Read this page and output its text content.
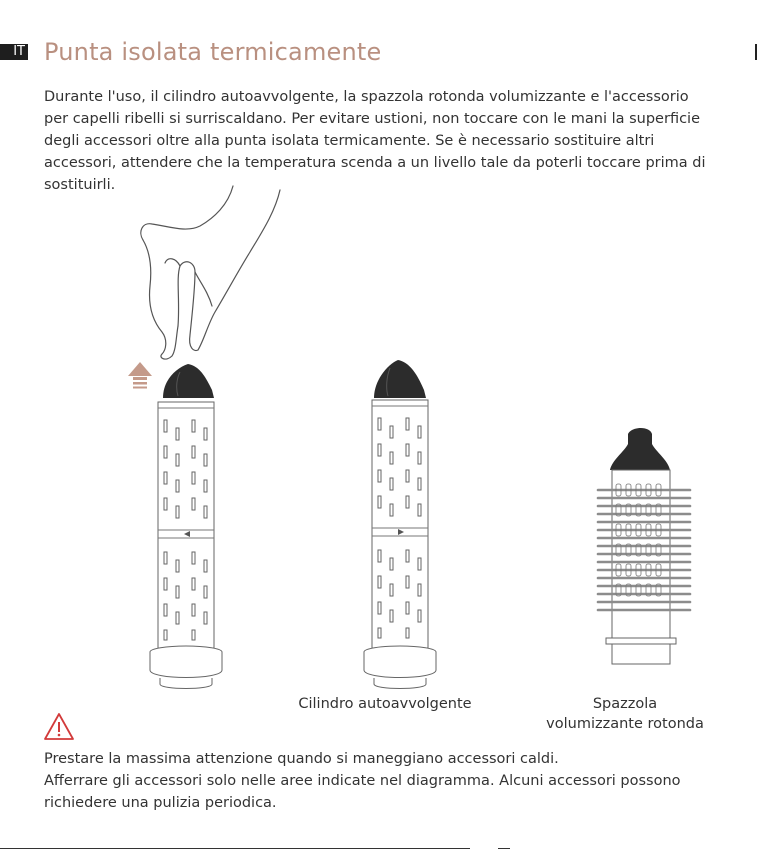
IT Punta isolata termicamente

Durante l'uso, il cilindro autoavvolgente, la spazzola rotonda volumizzante e l'accessorio per capelli ribelli si surriscaldano. Per evitare ustioni, non toccare con le mani la superficie degli accessori oltre alla punta isolata termicamente. Se è necessario sostituire altri accessori, attendere che la temperatura scenda a un livello tale da poterli toccare prima di sostituirli.

Cilindro autoavvolgente	Spazzola
volumizzante rotonda
Prestare la massima attenzione quando si maneggiano accessori caldi.
Afferrare gli accessori solo nelle aree indicate nel diagramma. Alcuni accessori possono richiedere una pulizia periodica.
